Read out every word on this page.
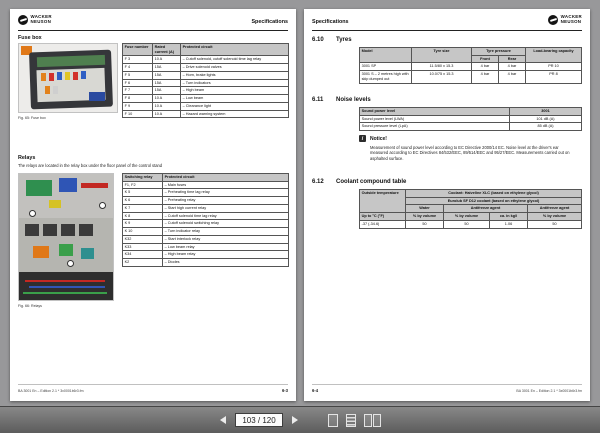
WACKER
NEUSON	Specifications
Fuse box
Fig. 65: Fuse box
Fuse number	Rated current (A)	Protected circuit
F 3	10 A	– Cutoff solenoid, cutoff solenoid time lag relay
F 4	15A	– Drive solenoid valves
F 5	15A	– Horn, brake lights
F 6	15A	– Turn indicators
F 7	15A	– High beam
F 8	10 A	– Low beam
F 9	10 A	– Clearance light
F 10	10 A	– Hazard warning system
Relays
The relays are located in the relay box under the floor panel of the control stand
Fig. 66: Relays
Switching relay	Protected circuit
F1, F2	– Main fuses
K 5	– Preheating time lag relay
K 6	– Preheating relay
K 7	– Start high current relay
K 8	– Cutoff solenoid time lag relay
K 9	– Cutoff solenoid switching relay
K 10	– Turn indicator relay
K32	– Start interlock relay
K33	– Low beam relay
K34	– High beam relay
K2	– Diodes
BA 3001 En – Edition 2.1 * 3x0001b6r3.fm	6-3
Specifications
WACKER
NEUSON
6.10 Tyres
Model	Tyre size	Tyre pressure		Load-bearing capacity
		Front	Rear	
3001 SP	11.5/80 x 15.3	4 bar	4 bar	PR 10
3001 S – 2 metres high with skip dumped out	10.0/75 x 15.3	4 bar	4 bar	PR 8
6.11 Noise levels
Sound power level	3001
Sound power level (LWA)	101 dB (A)
Sound pressure level (LpA)	85 dB (A)
i	Notice!
Measurement of sound power level according to EC Directive 2000/14 EC. Noise level at the driver's ear measured according to EC Directives 84/532/EEC, 89/514/EEC and 95/27/EEC. Measurements carried out on asphalted surface.
6.12 Coolant compound table
Outside temperature	Coolant: Haiveline XLC (based on ethylene glycol)			
	Eurolub SF D12 coolant (based on ethylene glycol)			
	Water	Antifreeze agent		Antifreeze agent
Up to °C (°F)	% by volume	% by volume	ca. in kg/l	% by volume
-37 (-34.6)	50	50	1.06	50
6-4	BA 3001 En – Edition 2.1 * 3x0001b6r3.fm
103 / 120
